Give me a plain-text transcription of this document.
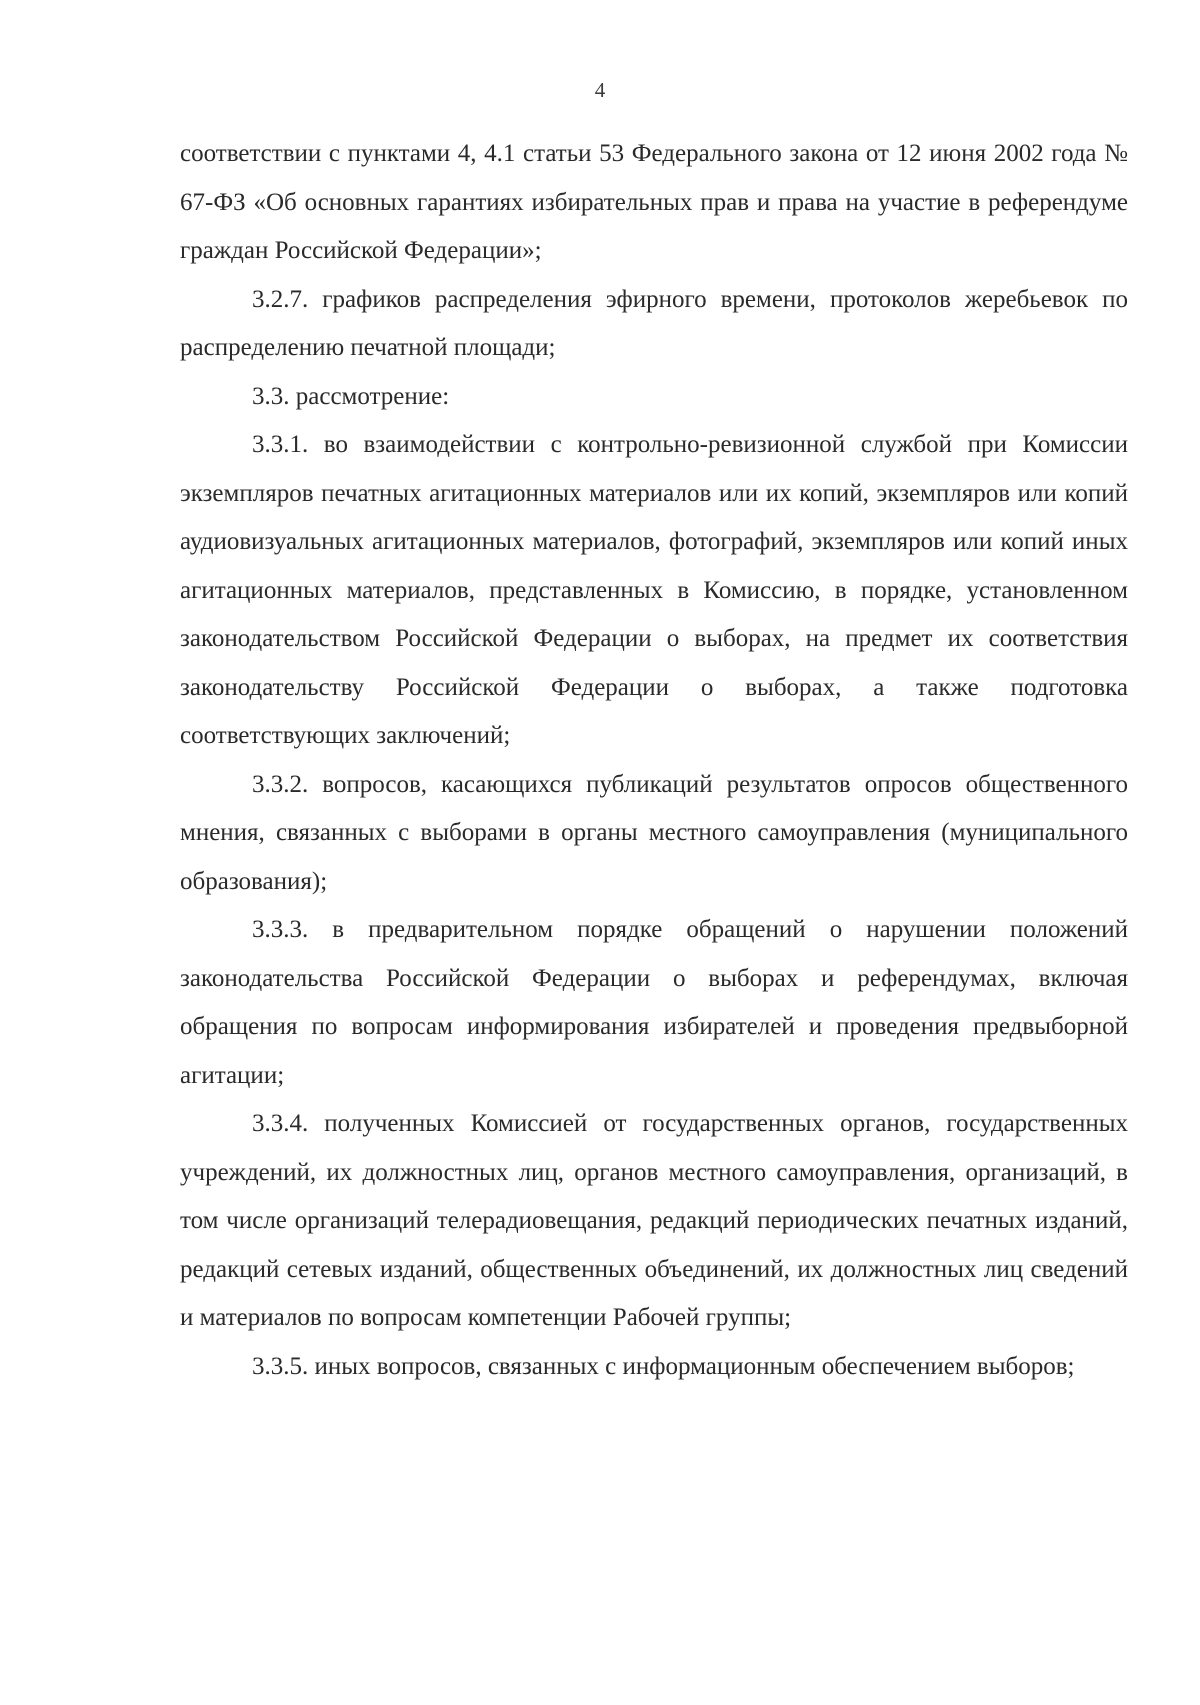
4

соответствии с пунктами 4, 4.1 статьи 53 Федерального закона от 12 июня 2002 года № 67-ФЗ «Об основных гарантиях избирательных прав и права на участие в референдуме граждан Российской Федерации»;

3.2.7. графиков распределения эфирного времени, протоколов жеребьевок по распределению печатной площади;

3.3. рассмотрение:

3.3.1. во взаимодействии с контрольно-ревизионной службой при Комиссии экземпляров печатных агитационных материалов или их копий, экземпляров или копий аудиовизуальных агитационных материалов, фотографий, экземпляров или копий иных агитационных материалов, представленных в Комиссию, в порядке, установленном законодательством Российской Федерации о выборах, на предмет их соответствия законодательству Российской Федерации о выборах, а также подготовка соответствующих заключений;

3.3.2. вопросов, касающихся публикаций результатов опросов общественного мнения, связанных с выборами в органы местного самоуправления (муниципального образования);

3.3.3. в предварительном порядке обращений о нарушении положений законодательства Российской Федерации о выборах и референдумах, включая обращения по вопросам информирования избирателей и проведения предвыборной агитации;

3.3.4. полученных Комиссией от государственных органов, государственных учреждений, их должностных лиц, органов местного самоуправления, организаций, в том числе организаций телерадиовещания, редакций периодических печатных изданий, редакций сетевых изданий, общественных объединений, их должностных лиц сведений и материалов по вопросам компетенции Рабочей группы;

3.3.5. иных вопросов, связанных с информационным обеспечением выборов;
